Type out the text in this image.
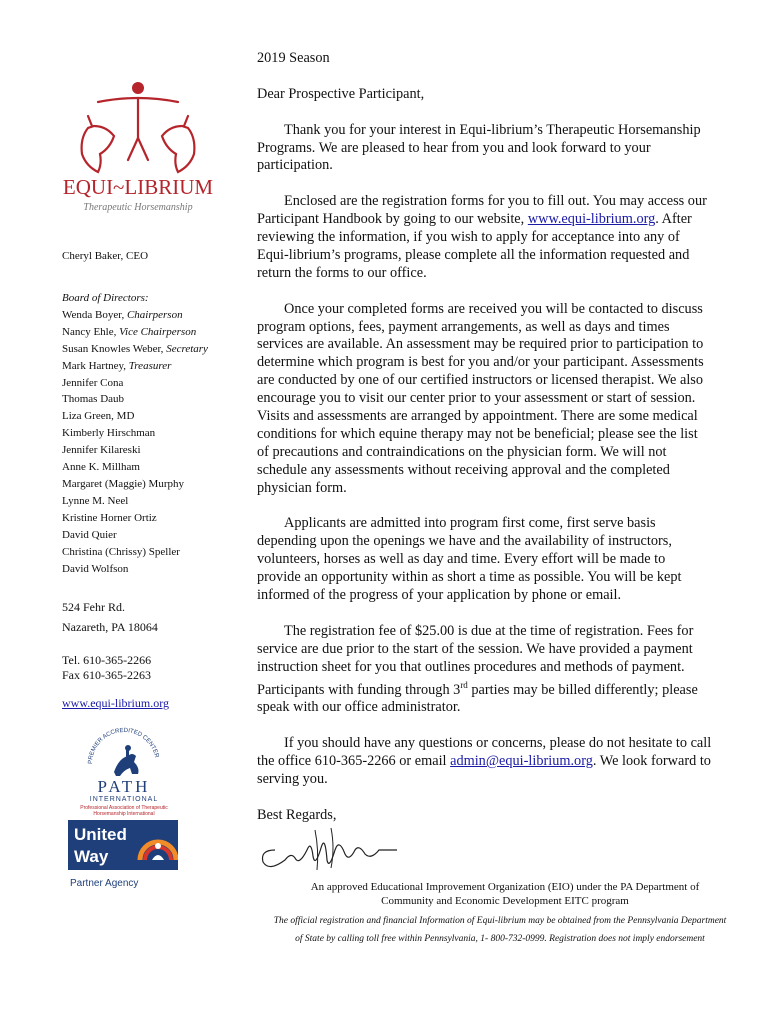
EQUI~LIBRIUM
Therapeutic Horsemanship
Cheryl Baker, CEO
Board of Directors:
Wenda Boyer, Chairperson
Nancy Ehle, Vice Chairperson
Susan Knowles Weber, Secretary
Mark Hartney, Treasurer
Jennifer Cona
Thomas Daub
Liza Green, MD
Kimberly Hirschman
Jennifer Kilareski
Anne K. Millham
Margaret (Maggie) Murphy
Lynne M. Neel
Kristine Horner Ortiz
David Quier
Christina (Chrissy) Speller
David Wolfson
524 Fehr Rd.
Nazareth, PA 18064
Tel. 610-365-2266
Fax 610-365-2263
www.equi-librium.org
PREMIER ACCREDITED CENTER
PATH
INTERNATIONAL
Professional Association of Therapeutic
Horsemanship International
United
Way
Partner Agency

2019 Season

Dear Prospective Participant,

Thank you for your interest in Equi-librium’s Therapeutic Horsemanship Programs. We are pleased to hear from you and look forward to your participation.

Enclosed are the registration forms for you to fill out. You may access our Participant Handbook by going to our website, www.equi-librium.org. After reviewing the information, if you wish to apply for acceptance into any of Equi-librium’s programs, please complete all the information requested and return the forms to our office.

Once your completed forms are received you will be contacted to discuss program options, fees, payment arrangements, as well as days and times services are available. An assessment may be required prior to participation to determine which program is best for you and/or your participant. Assessments are conducted by one of our certified instructors or licensed therapist. We also encourage you to visit our center prior to your assessment or start of session. Visits and assessments are arranged by appointment. There are some medical conditions for which equine therapy may not be beneficial; please see the list of precautions and contraindications on the physician form. We will not schedule any assessments without receiving approval and the completed physician form.

Applicants are admitted into program first come, first serve basis depending upon the openings we have and the availability of instructors, volunteers, horses as well as day and time. Every effort will be made to provide an opportunity within as short a time as possible. You will be kept informed of the progress of your application by phone or email.

The registration fee of $25.00 is due at the time of registration. Fees for service are due prior to the start of the session. We have provided a payment instruction sheet for you that outlines procedures and methods of payment. Participants with funding through 3rd parties may be billed differently; please speak with our office administrator.

If you should have any questions or concerns, please do not hesitate to call the office 610-365-2266 or email admin@equi-librium.org. We look forward to serving you.

Best Regards,

An approved Educational Improvement Organization (EIO) under the PA Department of
Community and Economic Development EITC program
The official registration and financial Information of Equi-librium may be obtained from the Pennsylvania Department
of State by calling toll free within Pennsylvania, 1- 800-732-0999. Registration does not imply endorsement
